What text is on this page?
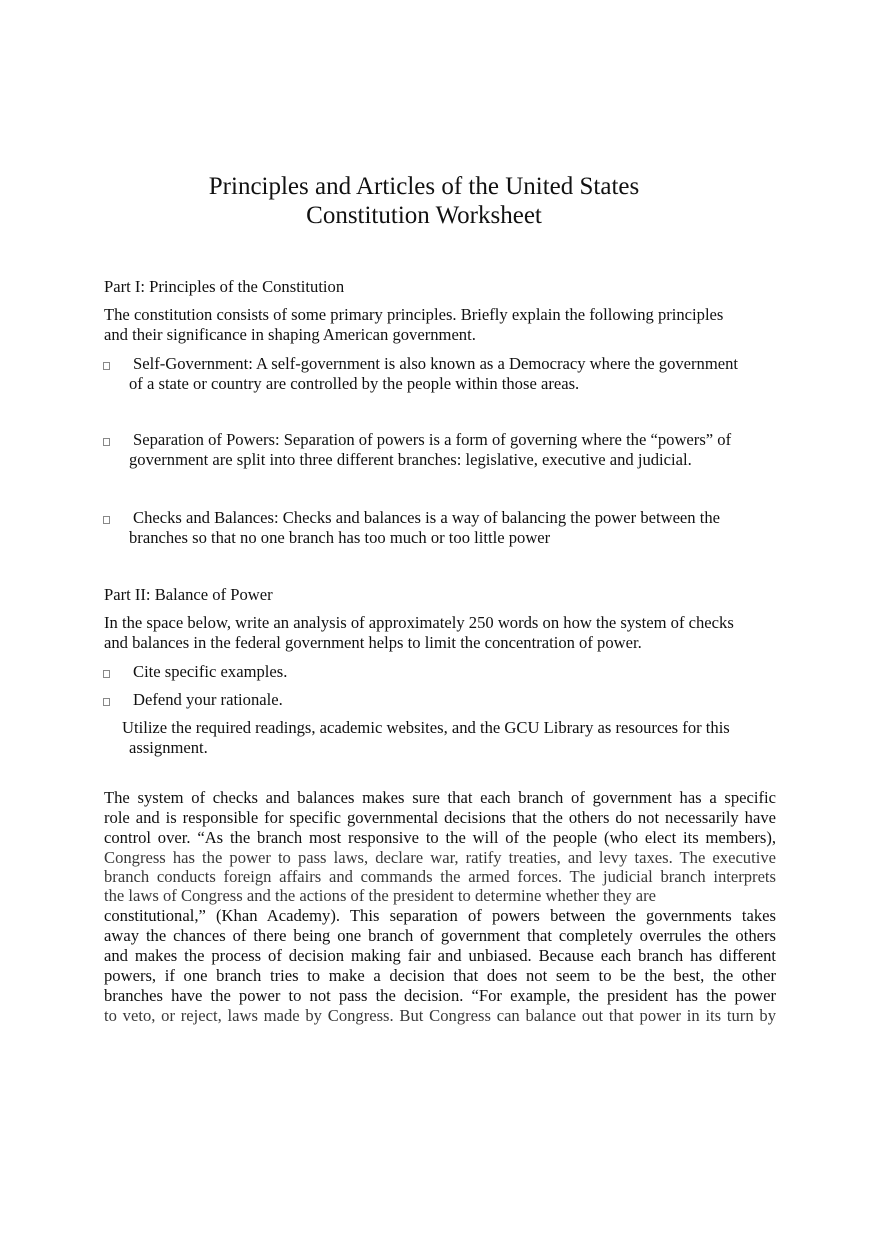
Principles and Articles of the United States
Constitution Worksheet
Part I: Principles of the Constitution
The constitution consists of some primary principles. Briefly explain the following principles
and their significance in shaping American government.
Self-Government: A self-government is also known as a Democracy where the government
of a state or country are controlled by the people within those areas.
Separation of Powers: Separation of powers is a form of governing where the “powers” of
government are split into three different branches: legislative, executive and judicial.
Checks and Balances: Checks and balances is a way of balancing the power between the
branches so that no one branch has too much or too little power
Part II: Balance of Power
In the space below, write an analysis of approximately 250 words on how the system of checks
and balances in the federal government helps to limit the concentration of power.
Cite specific examples.
Defend your rationale.
Utilize the required readings, academic websites, and the GCU Library as resources for this
assignment.
The system of checks and balances makes sure that each branch of government has a specific
role and is responsible for specific governmental decisions that the others do not necessarily have
control over. “As the branch most responsive to the will of the people (who elect its members),
Congress has the power to pass laws, declare war, ratify treaties, and levy taxes. The executive
branch conducts foreign affairs and commands the armed forces. The judicial branch interprets
the laws of Congress and the actions of the president to determine whether they are
constitutional,” (Khan Academy). This separation of powers between the governments takes
away the chances of there being one branch of government that completely overrules the others
and makes the process of decision making fair and unbiased. Because each branch has different
powers, if one branch tries to make a decision that does not seem to be the best, the other
branches have the power to not pass the decision. “For example, the president has the power
to veto, or reject, laws made by Congress. But Congress can balance out that power in its turn by
